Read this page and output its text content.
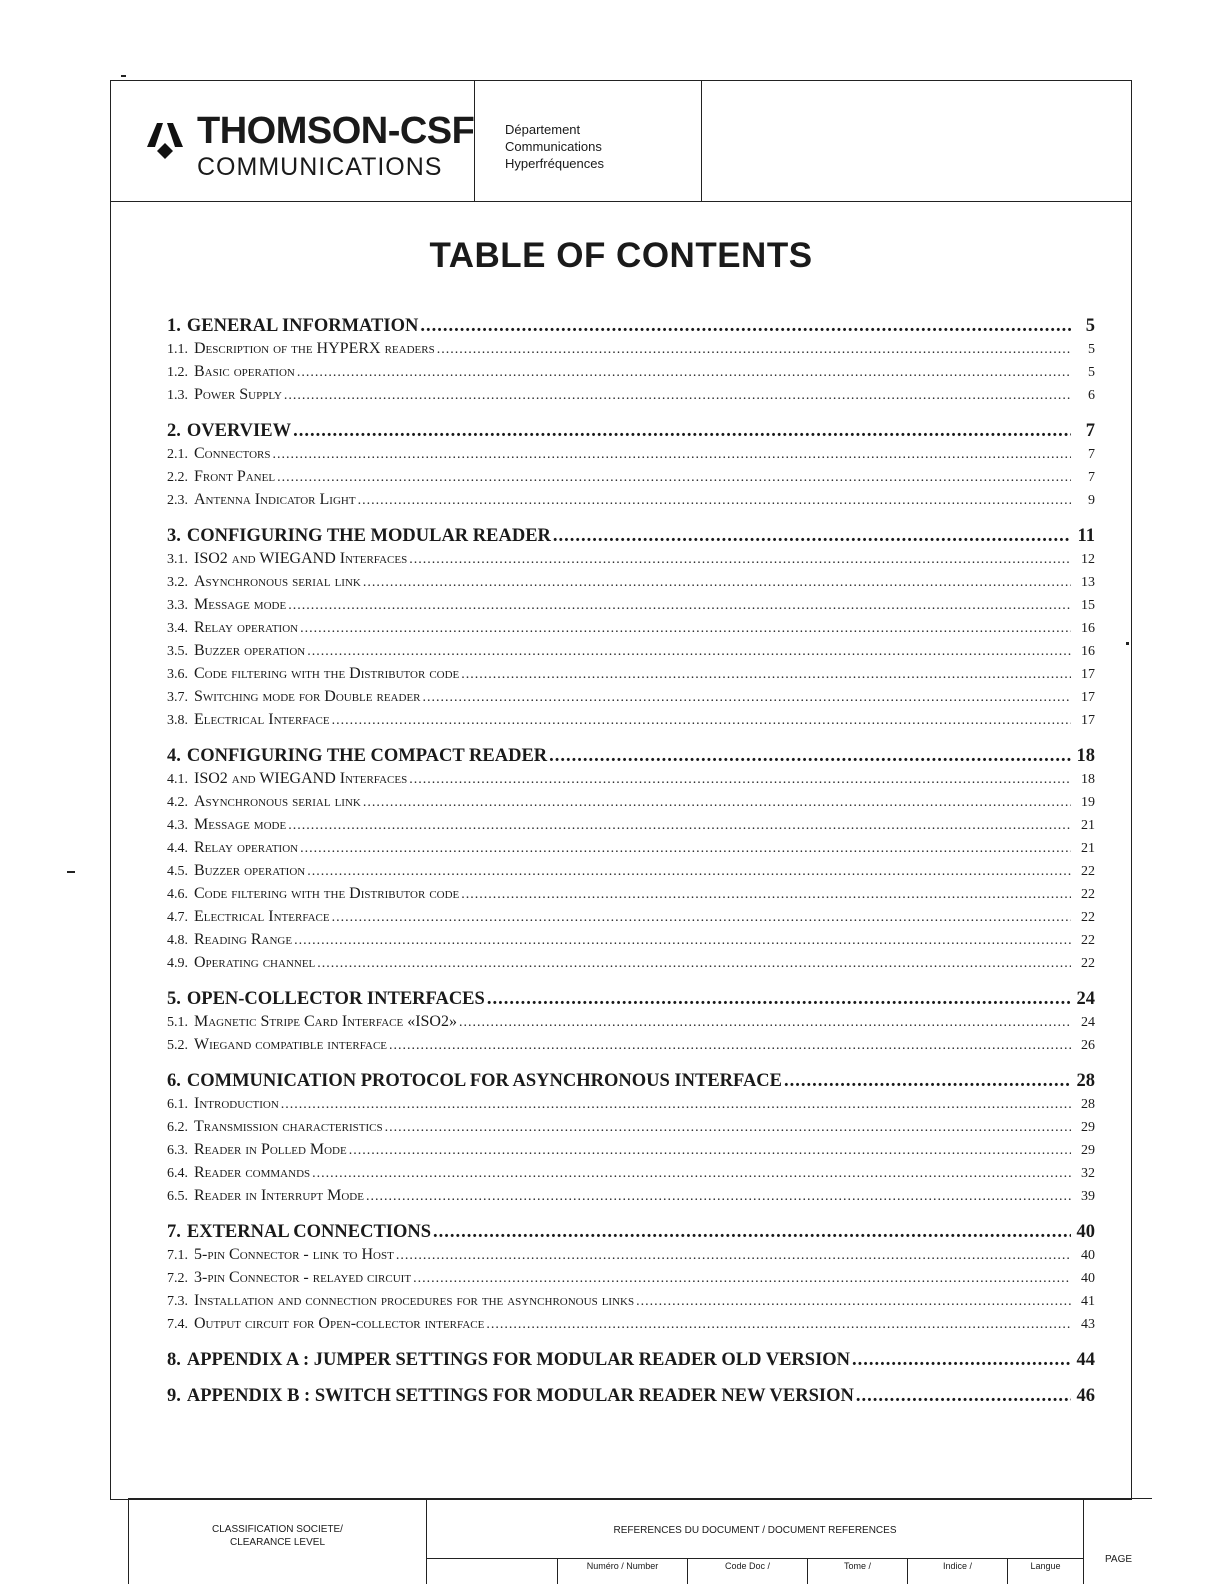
THOMSON-CSF
COMMUNICATIONS
Département
Communications
Hyperfréquences
TABLE OF CONTENTS
1. GENERAL INFORMATION .....	5
1.1. Description of the HYPERX readers .....	5
1.2. Basic operation .....	5
1.3. Power Supply .....	6
2. OVERVIEW .....	7
2.1. Connectors .....	7
2.2. Front Panel .....	7
2.3. Antenna Indicator Light .....	9
3. CONFIGURING THE MODULAR READER .....	11
3.1. ISO2 and WIEGAND Interfaces .....	12
3.2. Asynchronous serial link .....	13
3.3. Message mode .....	15
3.4. Relay operation .....	16
3.5. Buzzer operation .....	16
3.6. Code filtering with the Distributor code .....	17
3.7. Switching mode for Double reader .....	17
3.8. Electrical Interface .....	17
4. CONFIGURING THE COMPACT READER .....	18
4.1. ISO2 and WIEGAND Interfaces .....	18
4.2. Asynchronous serial link .....	19
4.3. Message mode .....	21
4.4. Relay operation .....	21
4.5. Buzzer operation .....	22
4.6. Code filtering with the Distributor code .....	22
4.7. Electrical Interface .....	22
4.8. Reading Range .....	22
4.9. Operating channel .....	22
5. OPEN-COLLECTOR INTERFACES .....	24
5.1. Magnetic Stripe Card Interface «ISO2» .....	24
5.2. Wiegand compatible interface .....	26
6. COMMUNICATION PROTOCOL FOR ASYNCHRONOUS INTERFACE .....	28
6.1. Introduction .....	28
6.2. Transmission characteristics .....	29
6.3. Reader in Polled Mode .....	29
6.4. Reader commands .....	32
6.5. Reader in Interrupt Mode .....	39
7. EXTERNAL CONNECTIONS .....	40
7.1. 5-pin Connector - link to Host .....	40
7.2. 3-pin Connector - relayed circuit .....	40
7.3. Installation and connection procedures for the asynchronous links .....	41
7.4. Output circuit for Open-collector interface .....	43
8. APPENDIX A : JUMPER SETTINGS FOR MODULAR READER OLD VERSION .....	44
9. APPENDIX B : SWITCH SETTINGS FOR MODULAR READER NEW VERSION .....	46
CLASSIFICATION SOCIETE/
CLEARANCE LEVEL
REFERENCES DU DOCUMENT / DOCUMENT REFERENCES
Numéro / Number	Code Doc /	Tome /	Indice /	Langue
PAGE
